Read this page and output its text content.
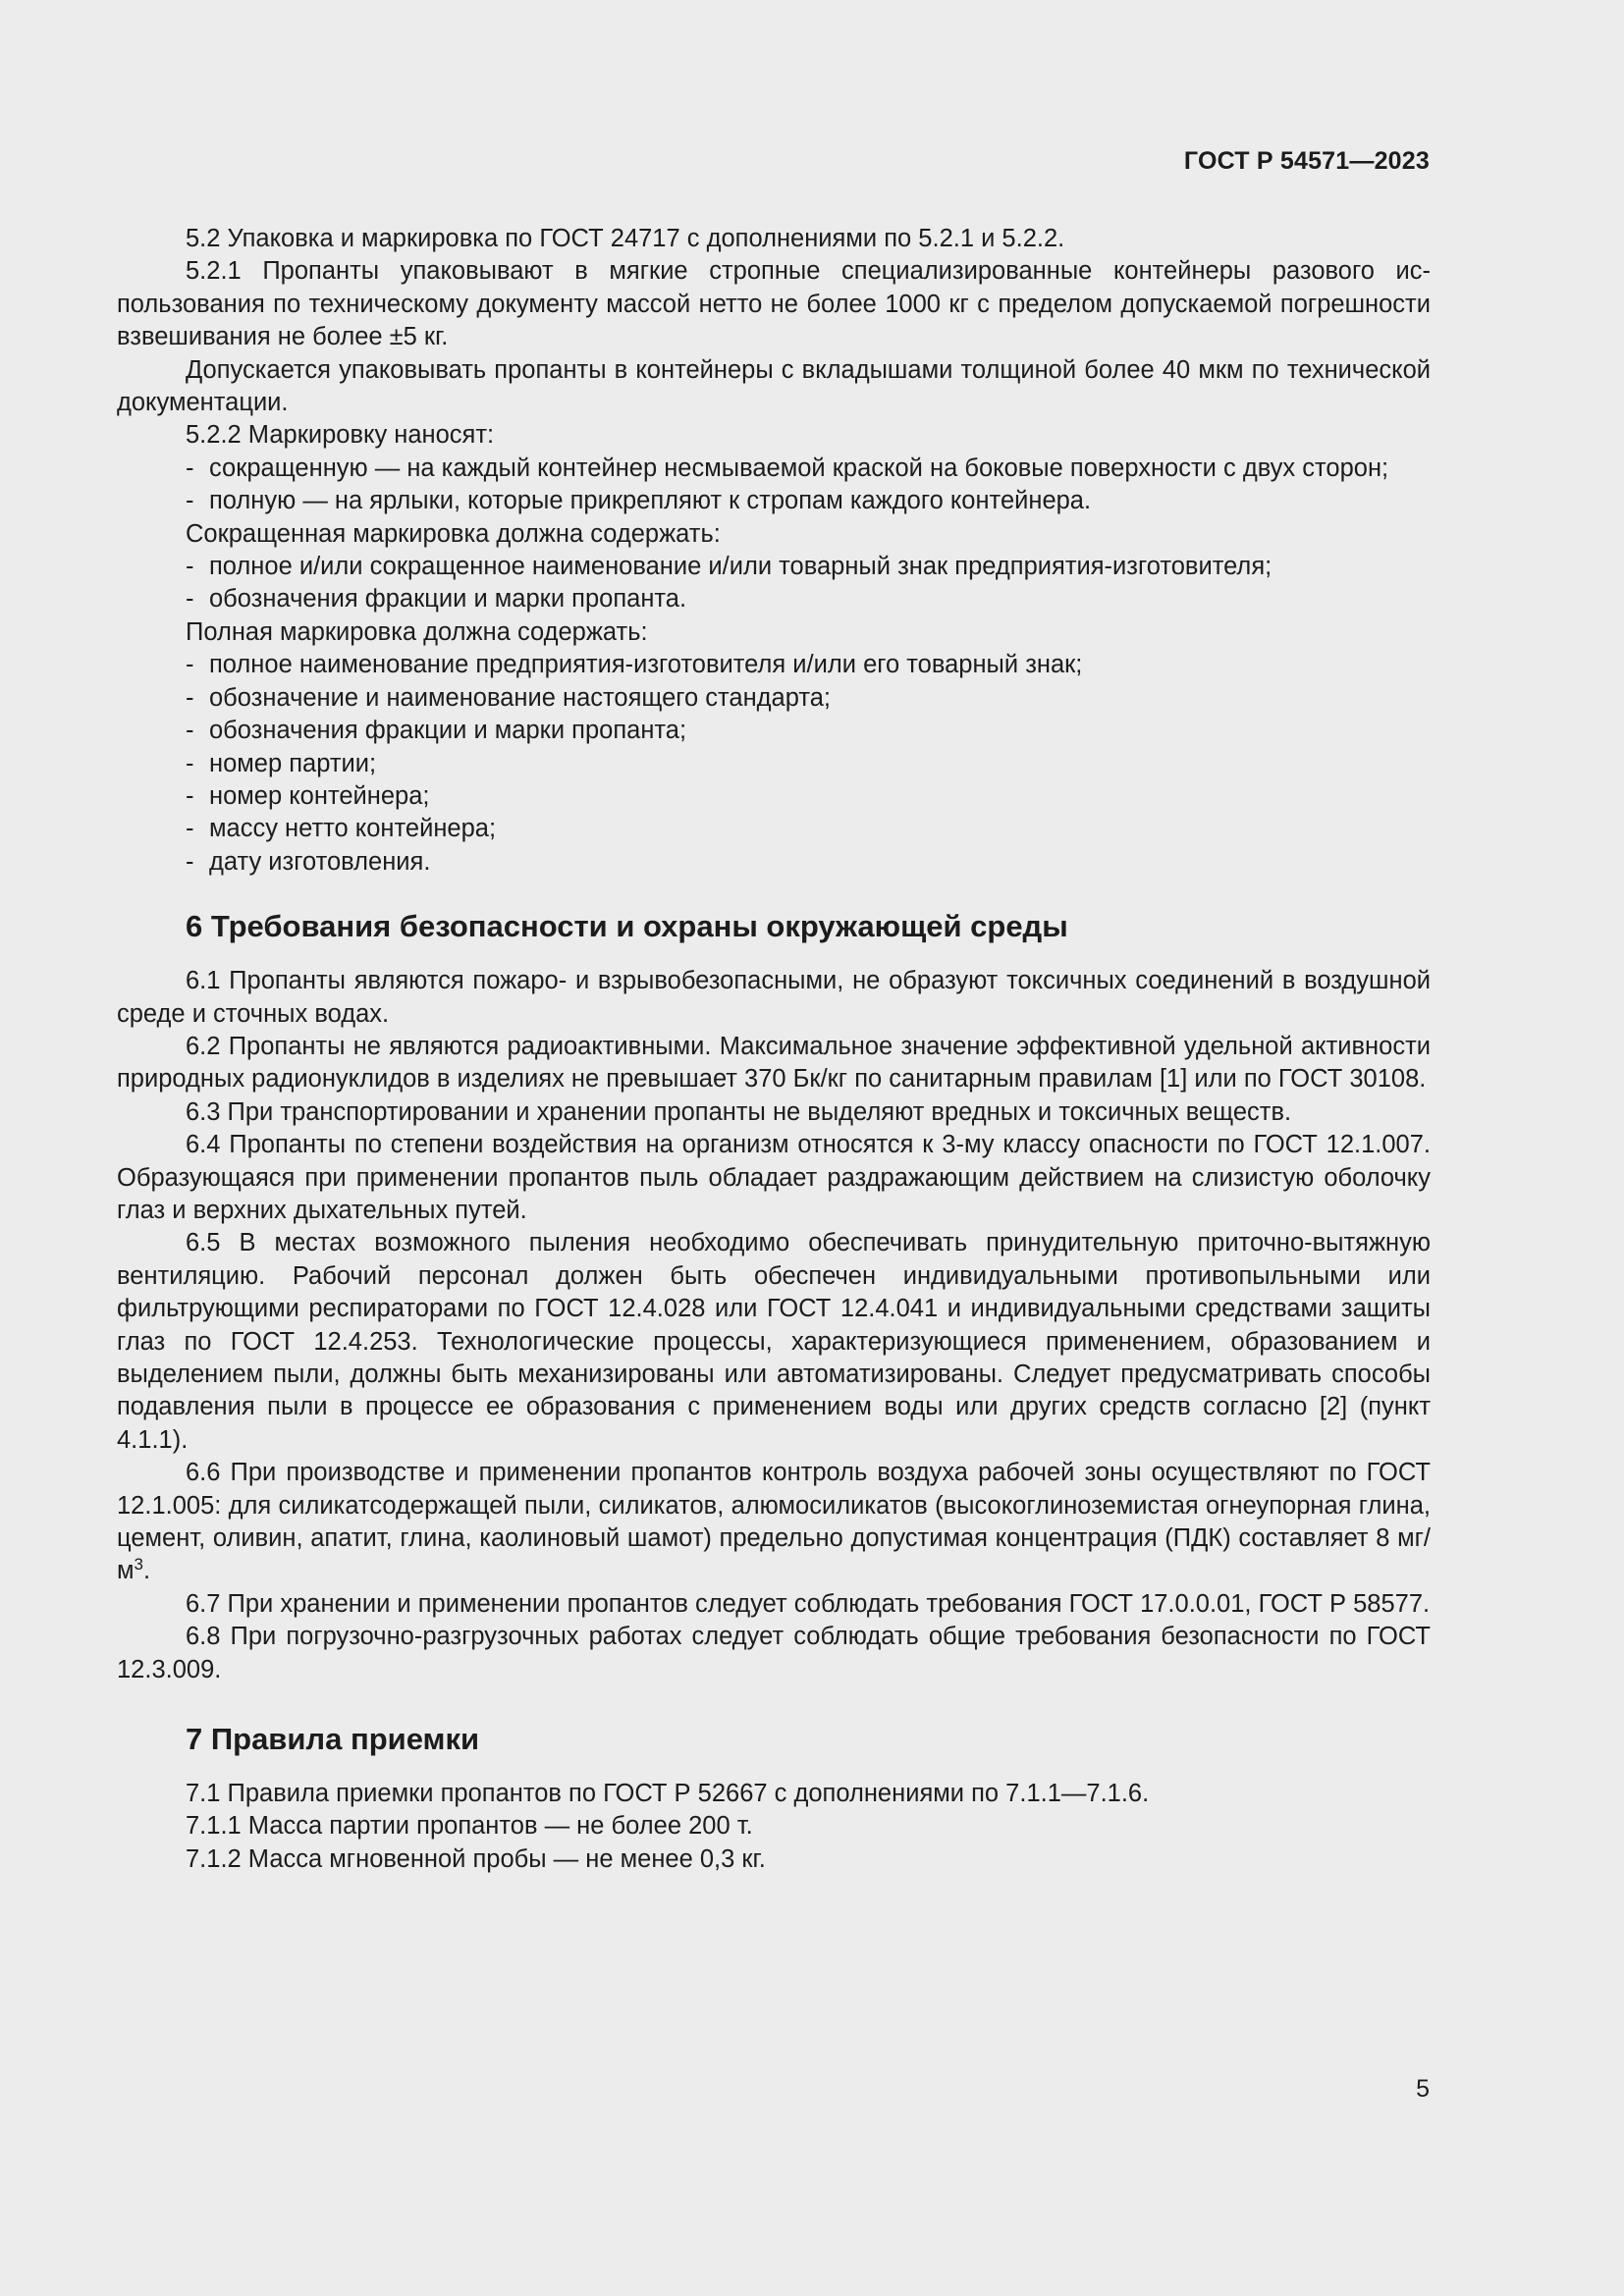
ГОСТ Р 54571—2023

5.2 Упаковка и маркировка по ГОСТ 24717 с дополнениями по 5.2.1 и 5.2.2.

5.2.1 Пропанты упаковывают в мягкие стропные специализированные контейнеры разового использования по техническому документу массой нетто не более 1000 кг с пределом допускаемой погрешности взвешивания не более ±5 кг.

Допускается упаковывать пропанты в контейнеры с вкладышами толщиной более 40 мкм по технической документации.

5.2.2 Маркировку наносят:

- сокращенную — на каждый контейнер несмываемой краской на боковые поверхности с двух сторон;

- полную — на ярлыки, которые прикрепляют к стропам каждого контейнера.

Сокращенная маркировка должна содержать:

- полное и/или сокращенное наименование и/или товарный знак предприятия-изготовителя;

- обозначения фракции и марки пропанта.

Полная маркировка должна содержать:

- полное наименование предприятия-изготовителя и/или его товарный знак;

- обозначение и наименование настоящего стандарта;

- обозначения фракции и марки пропанта;

- номер партии;

- номер контейнера;

- массу нетто контейнера;

- дату изготовления.

6 Требования безопасности и охраны окружающей среды

6.1 Пропанты являются пожаро- и взрывобезопасными, не образуют токсичных соединений в воздушной среде и сточных водах.

6.2 Пропанты не являются радиоактивными. Максимальное значение эффективной удельной активности природных радионуклидов в изделиях не превышает 370 Бк/кг по санитарным правилам [1] или по ГОСТ 30108.

6.3 При транспортировании и хранении пропанты не выделяют вредных и токсичных веществ.

6.4 Пропанты по степени воздействия на организм относятся к 3-му классу опасности по ГОСТ 12.1.007. Образующаяся при применении пропантов пыль обладает раздражающим действием на слизистую оболочку глаз и верхних дыхательных путей.

6.5 В местах возможного пыления необходимо обеспечивать принудительную приточно-вытяжную вентиляцию. Рабочий персонал должен быть обеспечен индивидуальными противопыльными или фильтрующими респираторами по ГОСТ 12.4.028 или ГОСТ 12.4.041 и индивидуальными средствами защиты глаз по ГОСТ 12.4.253. Технологические процессы, характеризующиеся применением, образованием и выделением пыли, должны быть механизированы или автоматизированы. Следует предусматривать способы подавления пыли в процессе ее образования с применением воды или других средств согласно [2] (пункт 4.1.1).

6.6 При производстве и применении пропантов контроль воздуха рабочей зоны осуществляют по ГОСТ 12.1.005: для силикатсодержащей пыли, силикатов, алюмосиликатов (высокоглиноземистая огнеупорная глина, цемент, оливин, апатит, глина, каолиновый шамот) предельно допустимая концентрация (ПДК) составляет 8 $мг/м^3$.

6.7 При хранении и применении пропантов следует соблюдать требования ГОСТ 17.0.0.01, ГОСТ Р 58577.

6.8 При погрузочно-разгрузочных работах следует соблюдать общие требования безопасности по ГОСТ 12.3.009.

7 Правила приемки

7.1 Правила приемки пропантов по ГОСТ Р 52667 с дополнениями по 7.1.1—7.1.6.

7.1.1 Масса партии пропантов — не более 200 т.

7.1.2 Масса мгновенной пробы — не менее 0,3 кг.

5
